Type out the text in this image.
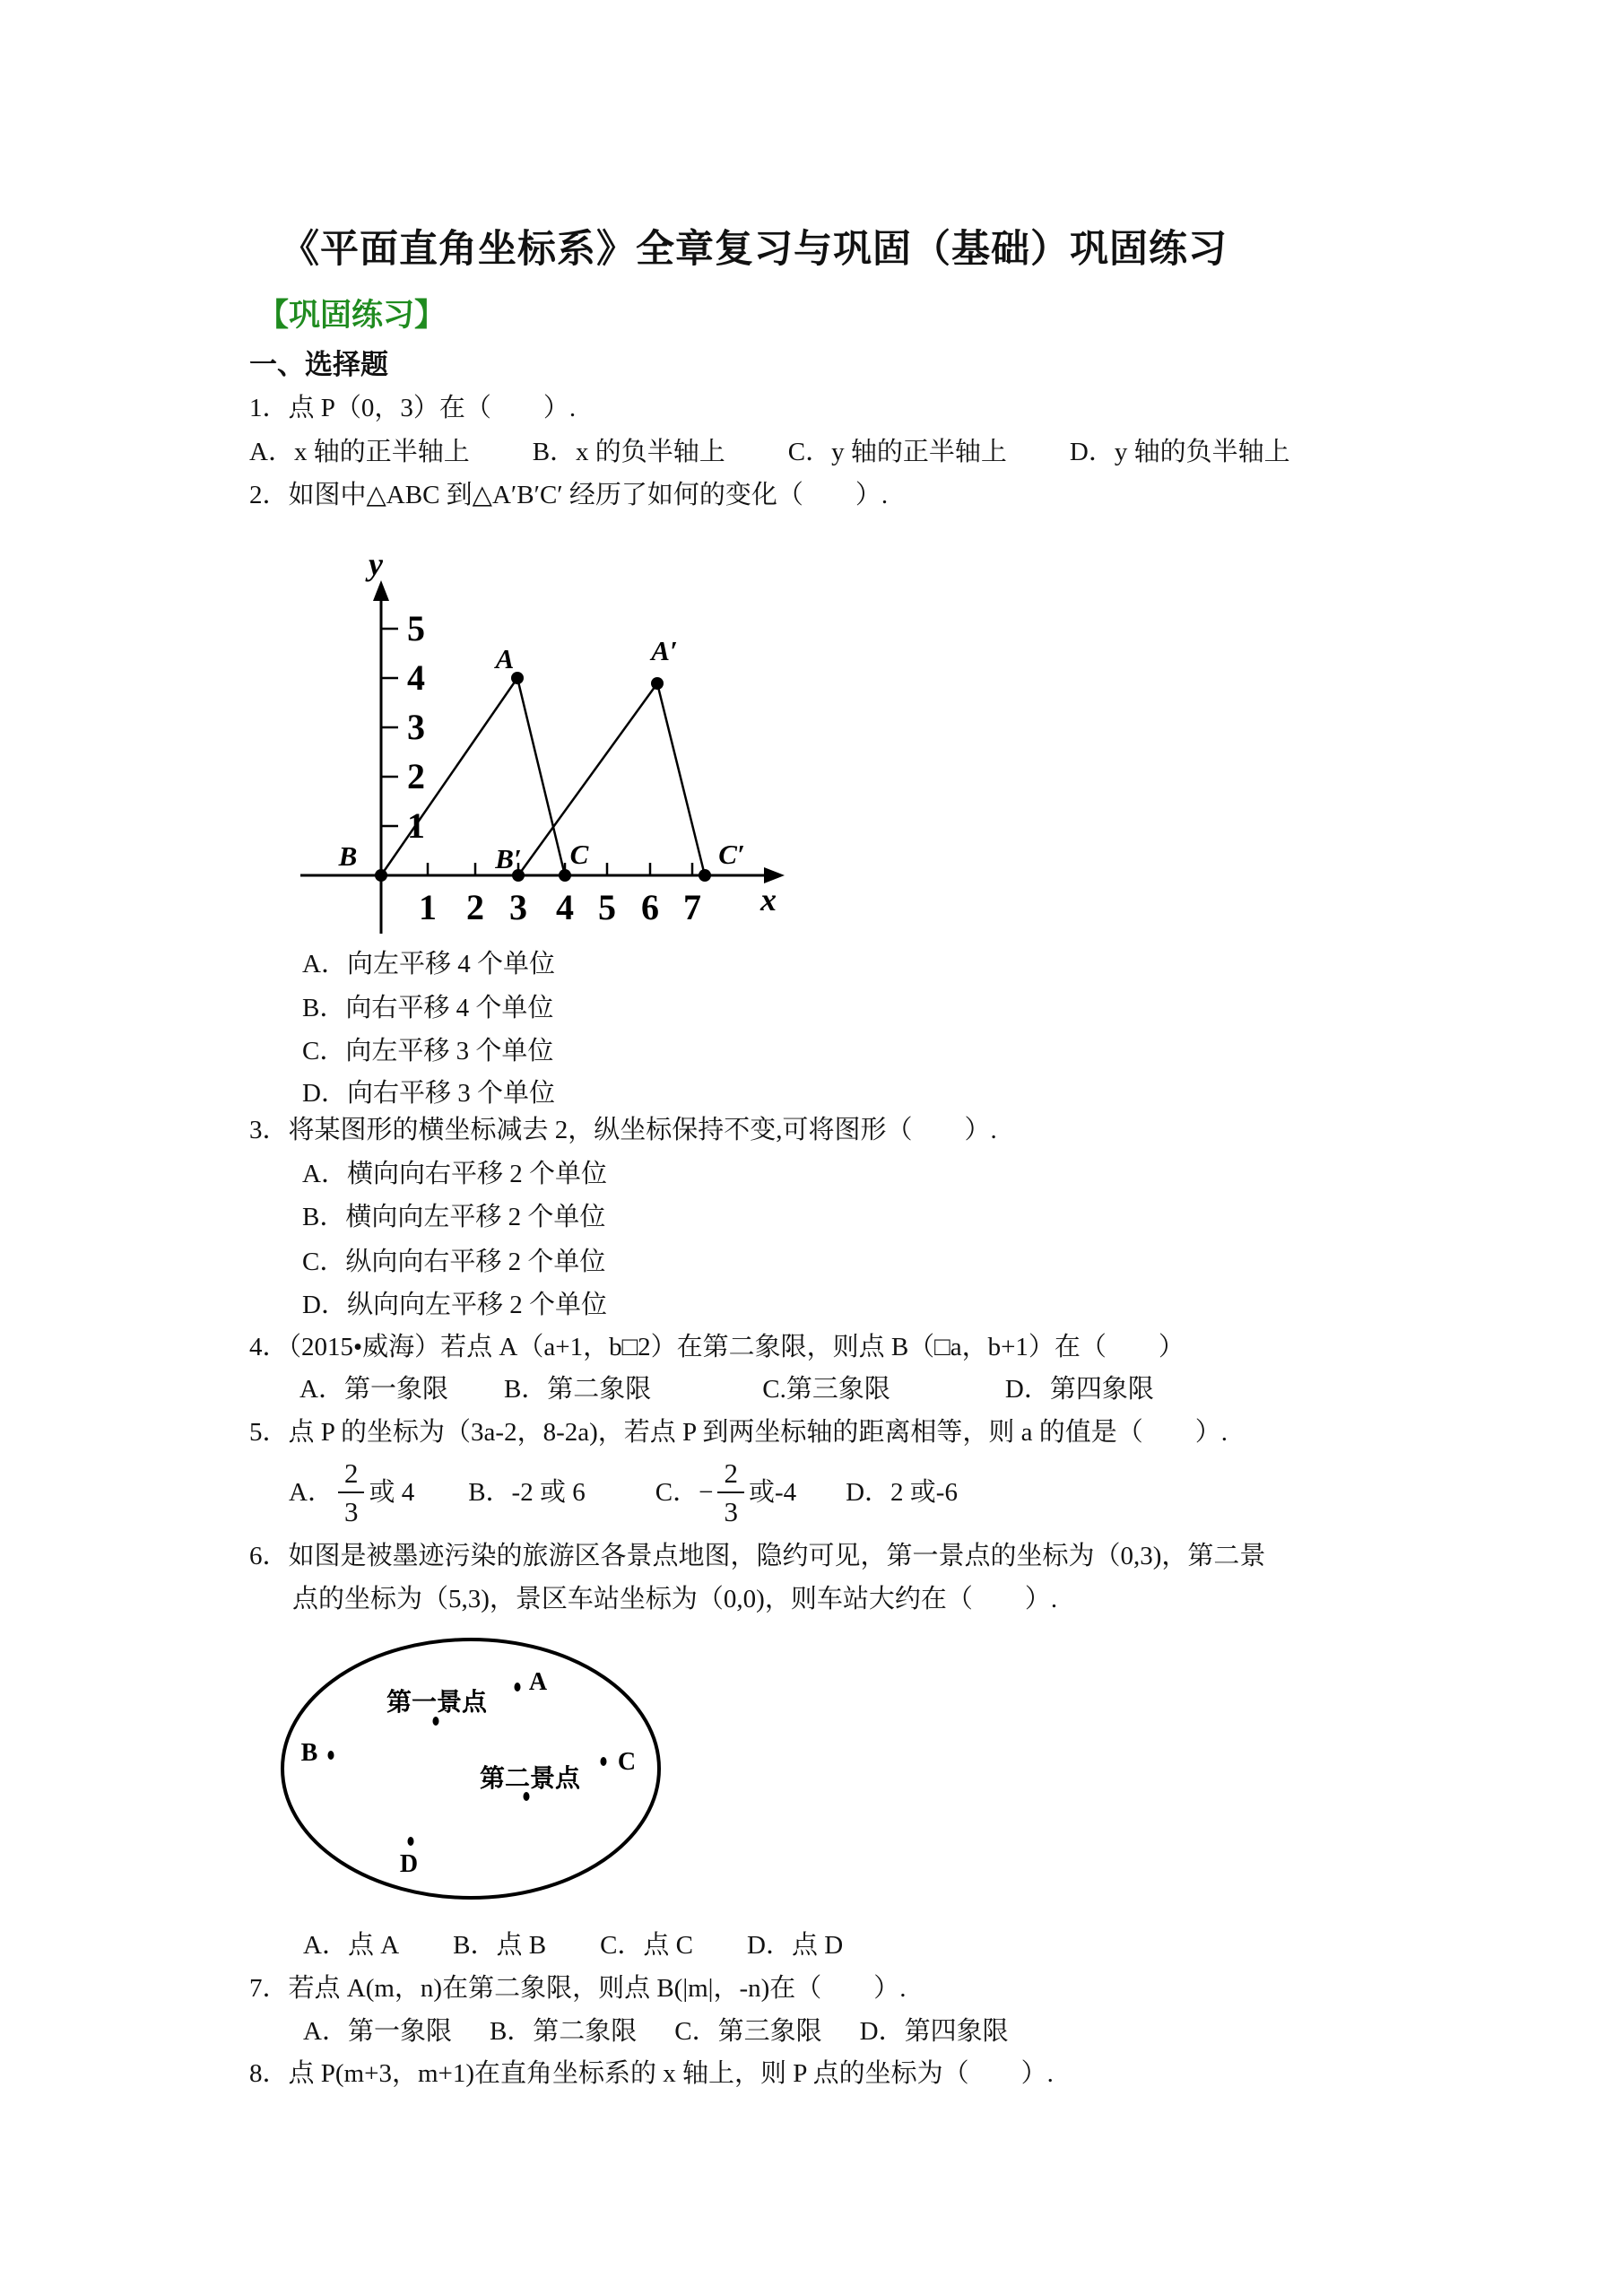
《平面直角坐标系》全章复习与巩固（基础）巩固练习
【巩固练习】
一、选择题
1．点 P（0，3）在（　　）.
A．x 轴的正半轴上 B．x 的负半轴上 C．y 轴的正半轴上 D．y 轴的负半轴上
2．如图中△ABC 到△A′B′C′ 经历了如何的变化（　　）.
1 2 3 4 5 6 7
1
2
3
4
5
B
A
C
B′
A′
C′
y
x
A．向左平移 4 个单位
B．向右平移 4 个单位
C．向左平移 3 个单位
D．向右平移 3 个单位
3．将某图形的横坐标减去 2，纵坐标保持不变,可将图形（　　）.
A．横向向右平移 2 个单位
B．横向向左平移 2 个单位
C．纵向向右平移 2 个单位
D．纵向向左平移 2 个单位
4．（2015•威海）若点 A（a+1，b□2）在第二象限，则点 B（□a，b+1）在（　　）
A．第一象限 B．第二象限	C.第三象限	D．第四象限
5．点 P 的坐标为（3a-2，8-2a)，若点 P 到两坐标轴的距离相等，则 a 的值是（　　）.
A． $\frac{2}{3}$ 或 4 B．-2 或 6	C．− $\frac{2}{3}$ 或-4 D．2 或-6
6．如图是被墨迹污染的旅游区各景点地图，隐约可见，第一景点的坐标为（0,3)，第二景
点的坐标为（5,3)，景区车站坐标为（0,0)，则车站大约在（　　）.
第一景点
第二景点
A
B	C
D
A．点 A B．点 B C．点 C D．点 D
7．若点 A(m，n)在第二象限，则点 B(|m|，-n)在（　　）.
A．第一象限 B．第二象限 C．第三象限 D．第四象限
8．点 P(m+3，m+1)在直角坐标系的 x 轴上，则 P 点的坐标为（　　）.
